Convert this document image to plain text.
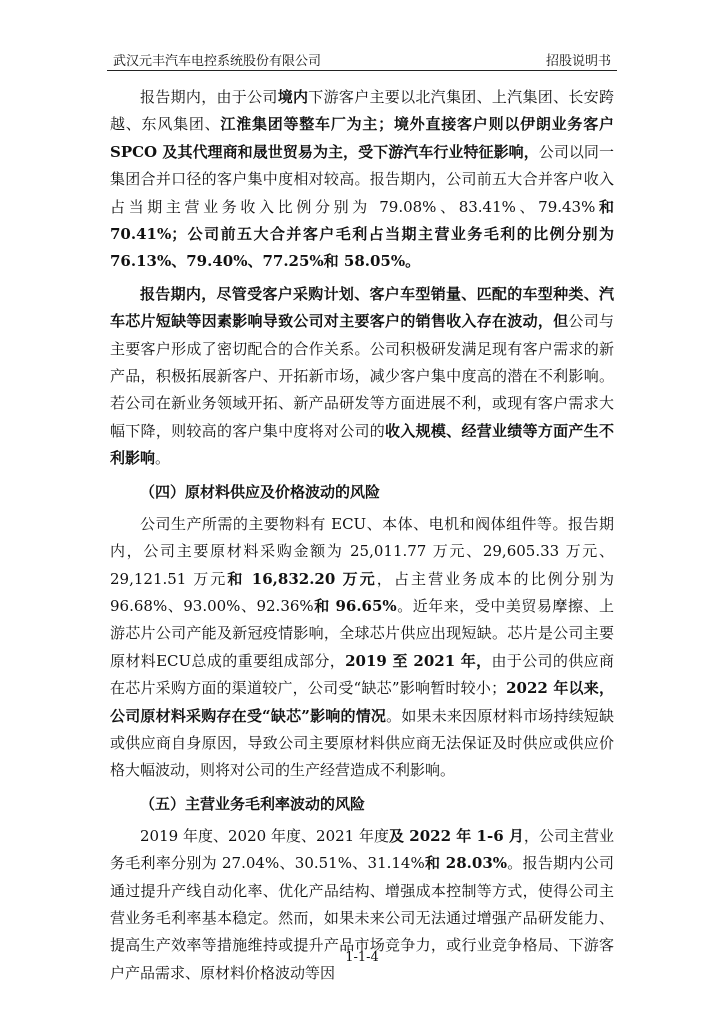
武汉元丰汽车电控系统股份有限公司	招股说明书

报告期内，由于公司境内下游客户主要以北汽集团、上汽集团、长安跨越、东风集团、江淮集团等整车厂为主；境外直接客户则以伊朗业务客户 SPCO 及其代理商和晟世贸易为主，受下游汽车行业特征影响，公司以同一集团合并口径的客户集中度相对较高。报告期内，公司前五大合并客户收入占当期主营业务收入比例分别为 79.08%、83.41%、79.43%和 70.41%；公司前五大合并客户毛利占当期主营业务毛利的比例分别为 76.13%、79.40%、77.25%和 58.05%。

报告期内，尽管受客户采购计划、客户车型销量、匹配的车型种类、汽车芯片短缺等因素影响导致公司对主要客户的销售收入存在波动，但公司与主要客户形成了密切配合的合作关系。公司积极研发满足现有客户需求的新产品，积极拓展新客户、开拓新市场，减少客户集中度高的潜在不利影响。若公司在新业务领域开拓、新产品研发等方面进展不利，或现有客户需求大幅下降，则较高的客户集中度将对公司的收入规模、经营业绩等方面产生不利影响。

（四）原材料供应及价格波动的风险

公司生产所需的主要物料有 ECU、本体、电机和阀体组件等。报告期内，公司主要原材料采购金额为 25,011.77 万元、29,605.33 万元、29,121.51 万元和 16,832.20 万元，占主营业务成本的比例分别为 96.68%、93.00%、92.36%和 96.65%。近年来，受中美贸易摩擦、上游芯片公司产能及新冠疫情影响，全球芯片供应出现短缺。芯片是公司主要原材料ECU总成的重要组成部分，2019 至 2021 年，由于公司的供应商在芯片采购方面的渠道较广，公司受“缺芯”影响暂时较小；2022 年以来，公司原材料采购存在受“缺芯”影响的情况。如果未来因原材料市场持续短缺或供应商自身原因，导致公司主要原材料供应商无法保证及时供应或供应价格大幅波动，则将对公司的生产经营造成不利影响。

（五）主营业务毛利率波动的风险

2019 年度、2020 年度、2021 年度及 2022 年 1-6 月，公司主营业务毛利率分别为 27.04%、30.51%、31.14%和 28.03%。报告期内公司通过提升产线自动化率、优化产品结构、增强成本控制等方式，使得公司主营业务毛利率基本稳定。然而，如果未来公司无法通过增强产品研发能力、提高生产效率等措施维持或提升产品市场竞争力，或行业竞争格局、下游客户产品需求、原材料价格波动等因

1-1-4
